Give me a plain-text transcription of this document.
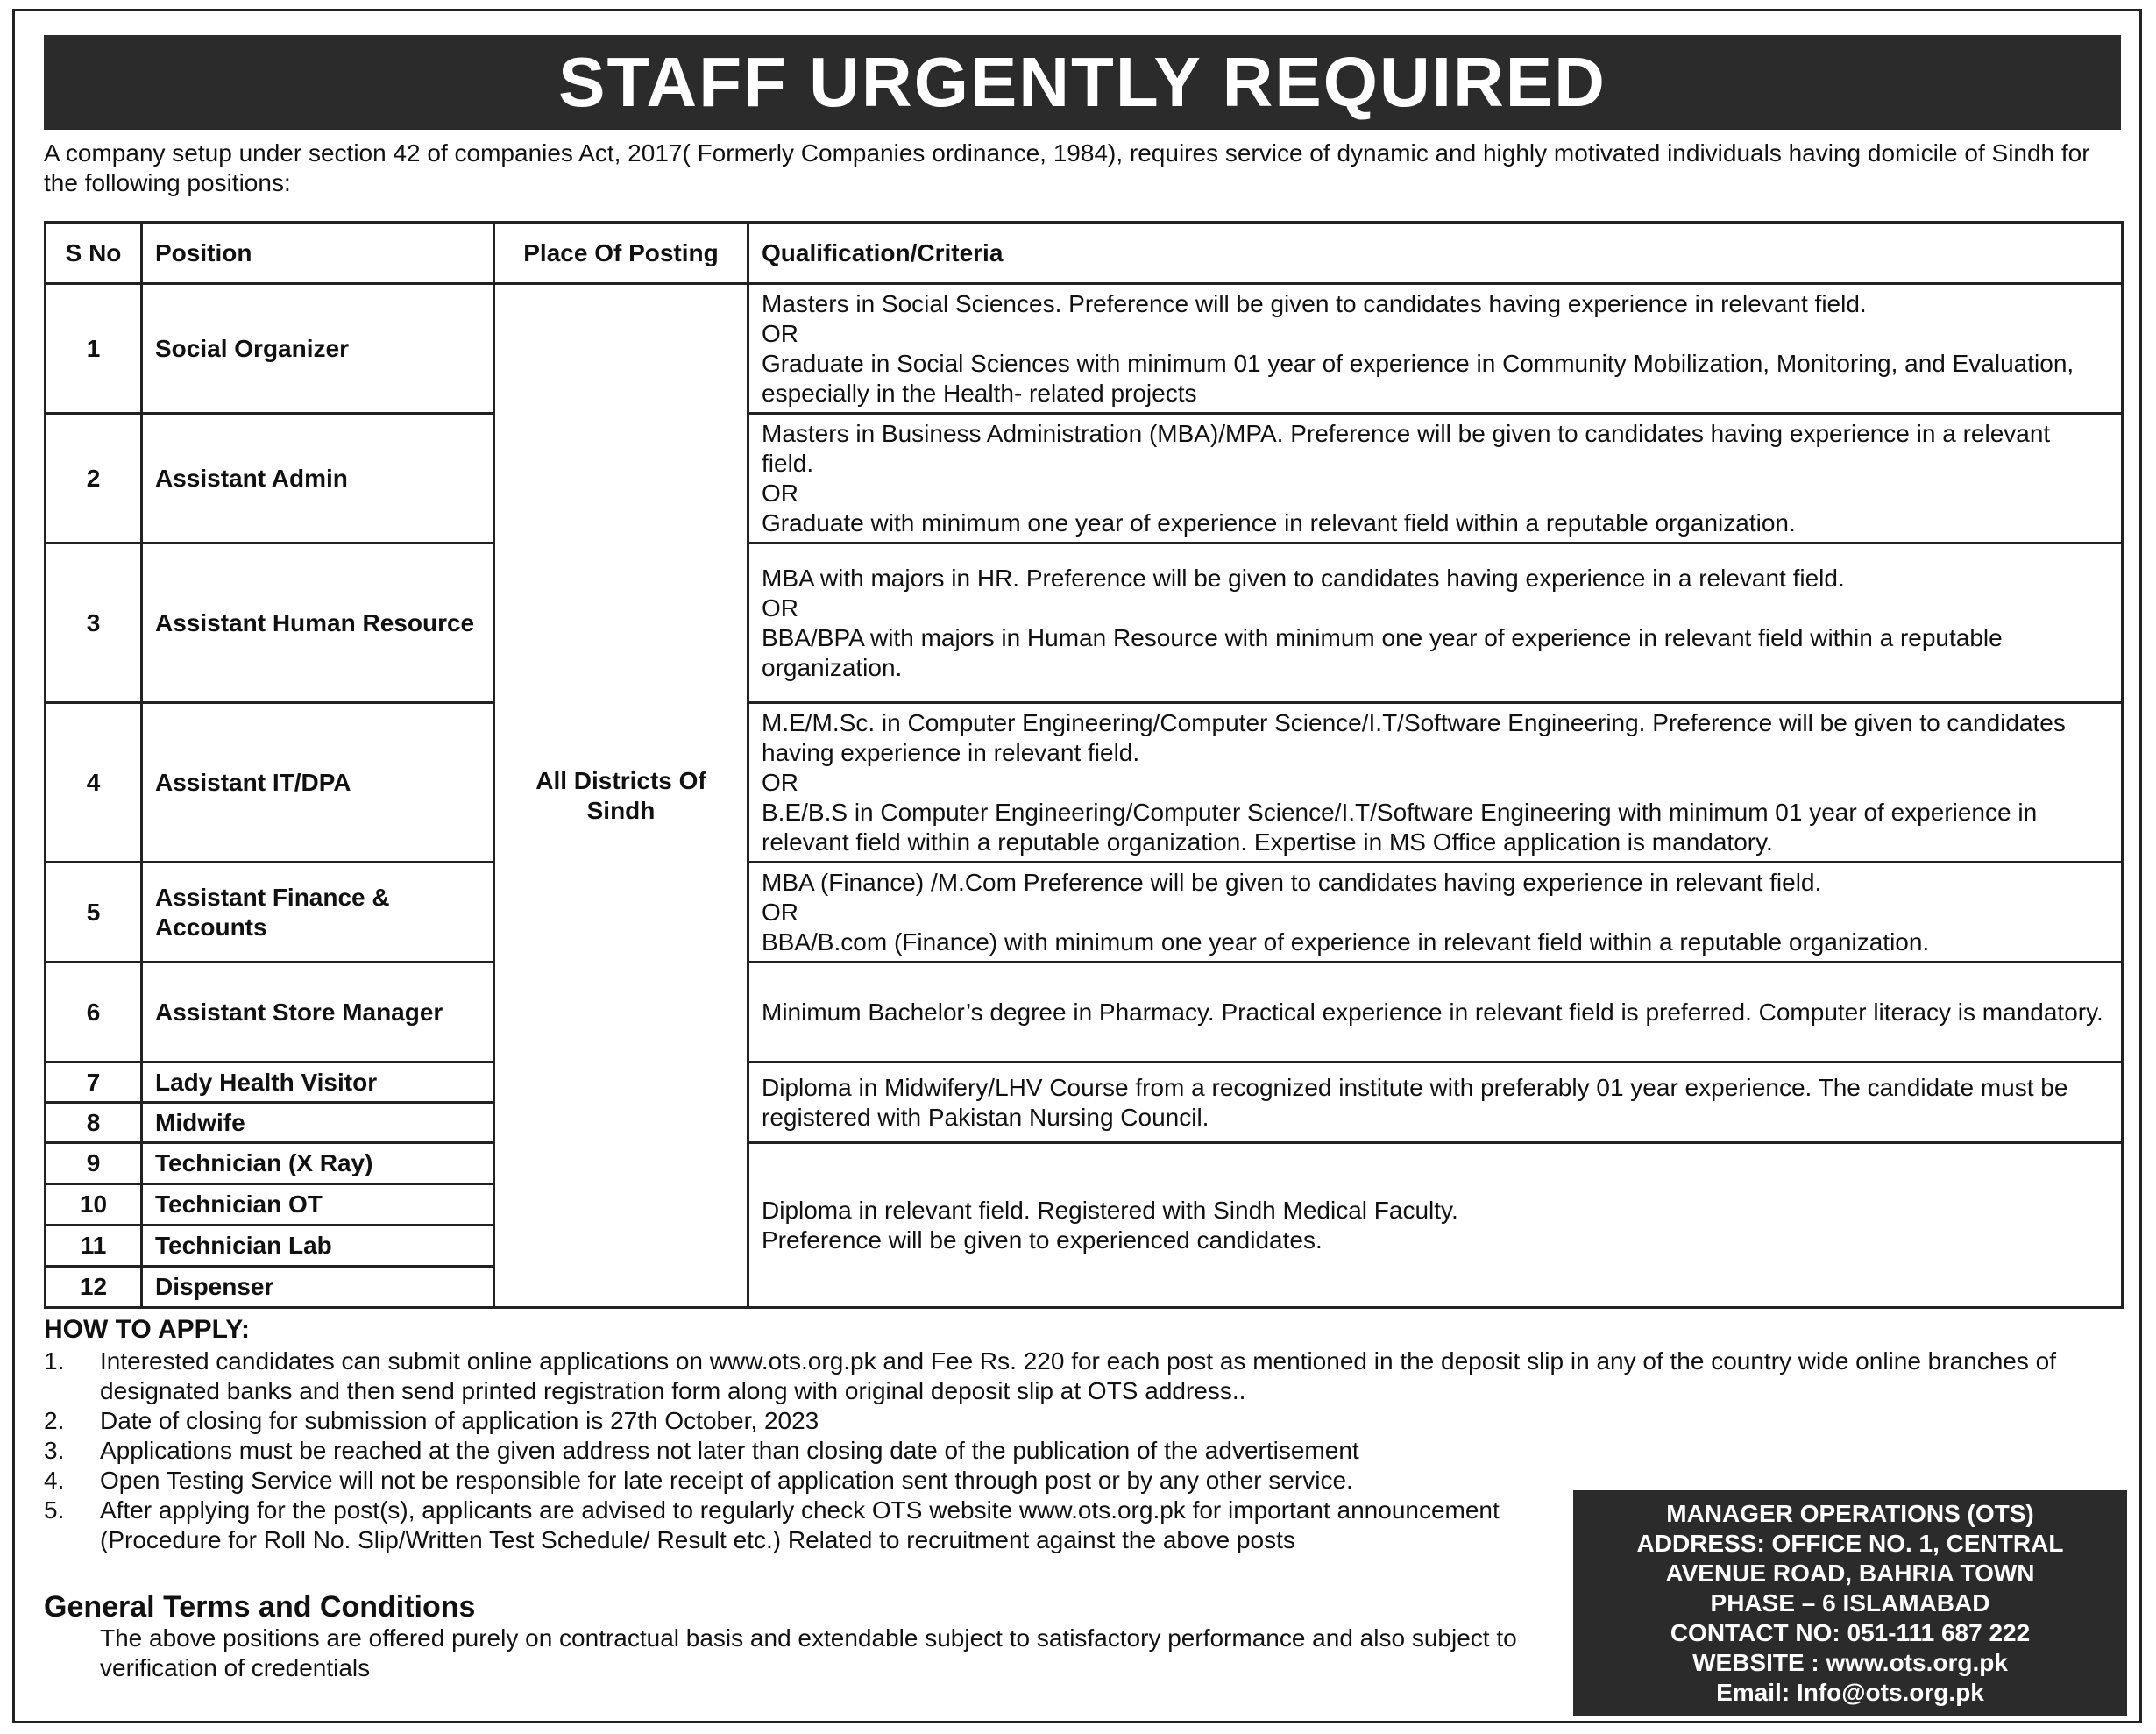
STAFF URGENTLY REQUIRED
A company setup under section 42 of companies Act, 2017( Formerly Companies ordinance, 1984), requires service of dynamic and highly motivated individuals having domicile of Sindh for the following positions:
S No	Position	Place Of Posting	Qualification/Criteria
1	Social Organizer	All Districts Of Sindh	Masters in Social Sciences. Preference will be given to candidates having experience in relevant field.
OR
Graduate in Social Sciences with minimum 01 year of experience in Community Mobilization, Monitoring, and Evaluation, especially in the Health- related projects

2	Assistant Admin		Masters in Business Administration (MBA)/MPA. Preference will be given to candidates having experience in a relevant field.
OR
Graduate with minimum one year of experience in relevant field within a reputable organization.

3	Assistant Human Resource		MBA with majors in HR. Preference will be given to candidates having experience in a relevant field.
OR
BBA/BPA with majors in Human Resource with minimum one year of experience in relevant field within a reputable organization.

4	Assistant IT/DPA		M.E/M.Sc. in Computer Engineering/Computer Science/I.T/Software Engineering. Preference will be given to candidates having experience in relevant field.
OR
B.E/B.S in Computer Engineering/Computer Science/I.T/Software Engineering with minimum 01 year of experience in relevant field within a reputable organization. Expertise in MS Office application is mandatory.

5	Assistant Finance & Accounts		MBA (Finance) /M.Com Preference will be given to candidates having experience in relevant field.
OR
BBA/B.com (Finance) with minimum one year of experience in relevant field within a reputable organization.

6	Assistant Store Manager		Minimum Bachelor’s degree in Pharmacy. Practical experience in relevant field is preferred. Computer literacy is mandatory.

7	Lady Health Visitor		Diploma in Midwifery/LHV Course from a recognized institute with preferably 01 year experience. The candidate must be registered with Pakistan Nursing Council.

8	Midwife		
9	Technician (X Ray)		Diploma in relevant field. Registered with Sindh Medical Faculty.
Preference will be given to experienced candidates.

10	Technician OT		
11	Technician Lab		
12	Dispenser		
HOW TO APPLY:
1. Interested candidates can submit online applications on www.ots.org.pk and Fee Rs. 220 for each post as mentioned in the deposit slip in any of the country wide online branches of designated banks and then send printed registration form along with original deposit slip at OTS address..
2. Date of closing for submission of application is 27th October, 2023
3. Applications must be reached at the given address not later than closing date of the publication of the advertisement
4. Open Testing Service will not be responsible for late receipt of application sent through post or by any other service.
5. After applying for the post(s), applicants are advised to regularly check OTS website www.ots.org.pk for important announcement (Procedure for Roll No. Slip/Written Test Schedule/ Result etc.) Related to recruitment against the above posts
General Terms and Conditions
The above positions are offered purely on contractual basis and extendable subject to satisfactory performance and also subject to verification of credentials
MANAGER OPERATIONS (OTS)
ADDRESS: OFFICE NO. 1, CENTRAL
AVENUE ROAD, BAHRIA TOWN
PHASE – 6 ISLAMABAD
CONTACT NO: 051-111 687 222
WEBSITE : www.ots.org.pk
Email: Info@ots.org.pk
